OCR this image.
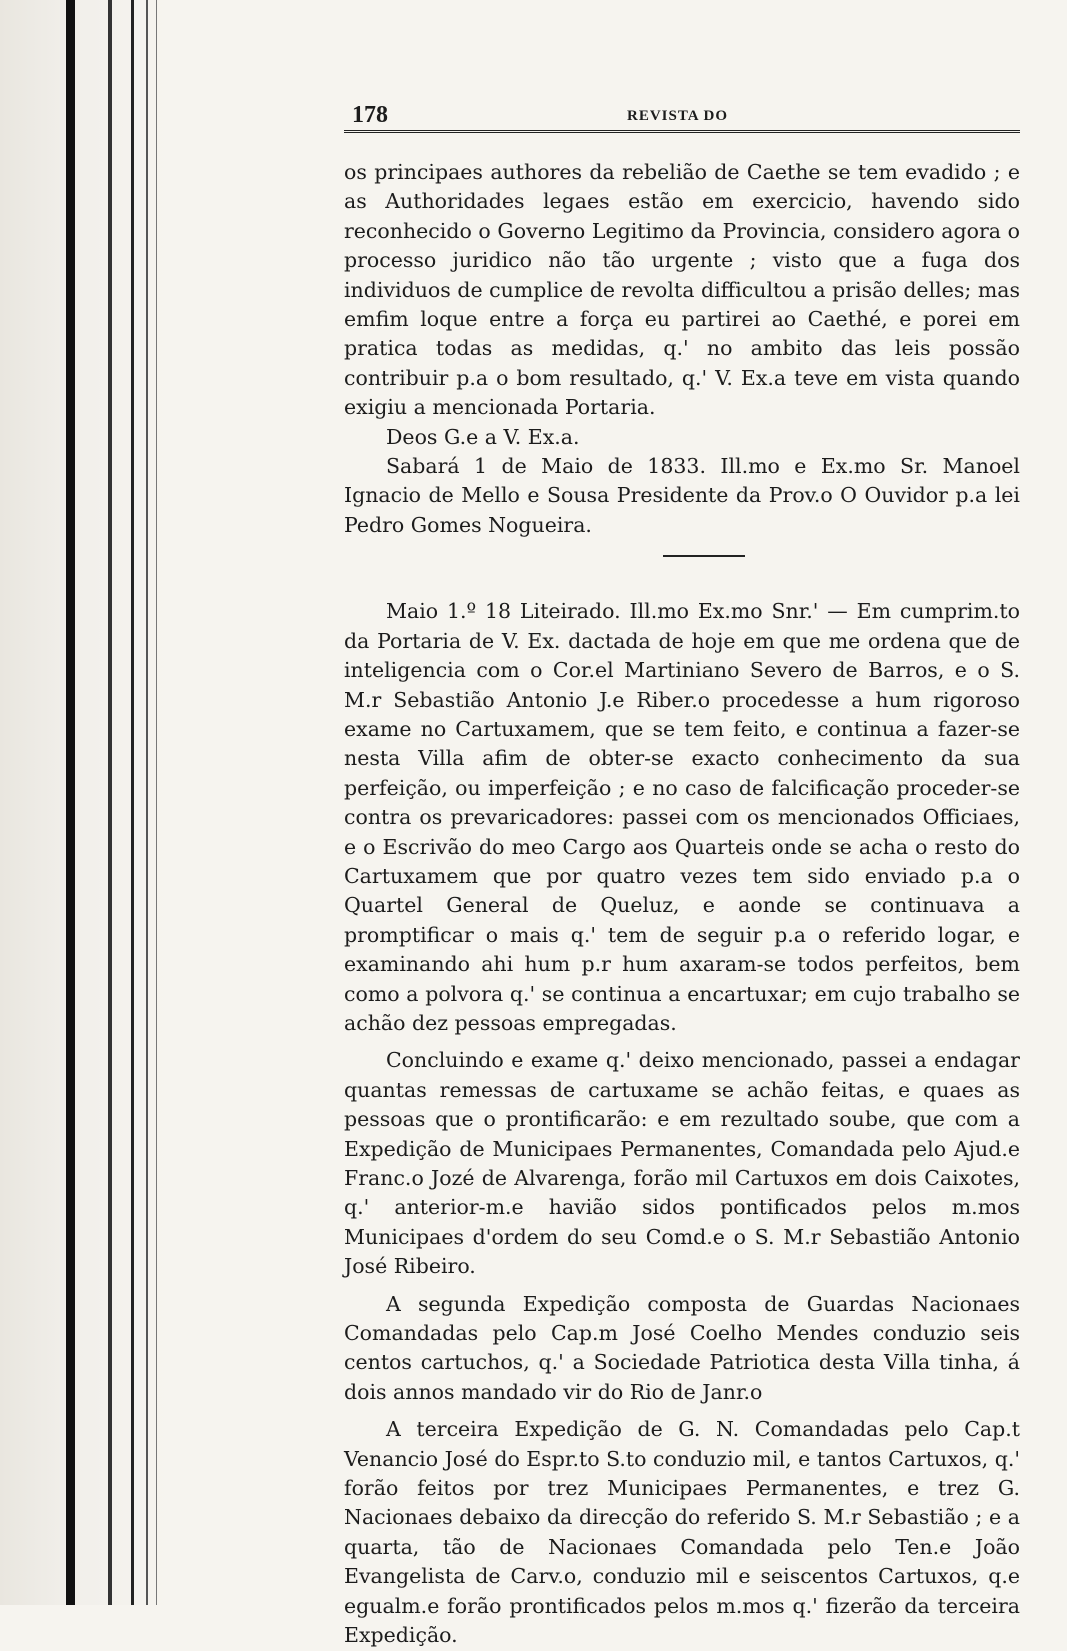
178	REVISTA DO

os principaes authores da rebelião de Caethe se tem evadido ; e as Authoridades legaes estão em exercicio, havendo sido reconhecido o Governo Legitimo da Provincia, considero agora o processo juridico não tão urgente ; visto que a fuga dos individuos de cumplice de revolta difficultou a prisão delles; mas emfim loque entre a força eu partirei ao Caethé, e porei em pratica todas as medidas, q.' no ambito das leis possão contribuir p.a o bom resultado, q.' V. Ex.a teve em vista quando exigiu a mencionada Portaria.

Deos G.e a V. Ex.a.

Sabará 1 de Maio de 1833. Ill.mo e Ex.mo Sr. Manoel Ignacio de Mello e Sousa Presidente da Prov.o O Ouvidor p.a lei Pedro Gomes Nogueira.

Maio 1.º 18 Liteirado. Ill.mo Ex.mo Snr.' — Em cumprim.to da Portaria de V. Ex. dactada de hoje em que me ordena que de inteligencia com o Cor.el Martiniano Severo de Barros, e o S. M.r Sebastião Antonio J.e Riber.o procedesse a hum rigoroso exame no Cartuxamem, que se tem feito, e continua a fazer-se nesta Villa afim de obter-se exacto conhecimento da sua perfeição, ou imperfeição ; e no caso de falcificação proceder-se contra os prevaricadores: passei com os mencionados Officiaes, e o Escrivão do meo Cargo aos Quarteis onde se acha o resto do Cartuxamem que por quatro vezes tem sido enviado p.a o Quartel General de Queluz, e aonde se continuava a promptificar o mais q.' tem de seguir p.a o referido logar, e examinando ahi hum p.r hum axaram-se todos perfeitos, bem como a polvora q.' se continua a encartuxar; em cujo trabalho se achão dez pessoas empregadas.

Concluindo e exame q.' deixo mencionado, passei a endagar quantas remessas de cartuxame se achão feitas, e quaes as pessoas que o prontificarão: e em rezultado soube, que com a Expedição de Municipaes Permanentes, Comandada pelo Ajud.e Franc.o Jozé de Alvarenga, forão mil Cartuxos em dois Caixotes, q.' anterior-m.e havião sidos pontificados pelos m.mos Municipaes d'ordem do seu Comd.e o S. M.r Sebastião Antonio José Ribeiro.

A segunda Expedição composta de Guardas Nacionaes Comandadas pelo Cap.m José Coelho Mendes conduzio seis centos cartuchos, q.' a Sociedade Patriotica desta Villa tinha, á dois annos mandado vir do Rio de Janr.o

A terceira Expedição de G. N. Comandadas pelo Cap.t Venancio José do Espr.to S.to conduzio mil, e tantos Cartuxos, q.' forão feitos por trez Municipaes Permanentes, e trez G. Nacionaes debaixo da direcção do referido S. M.r Sebastião ; e a quarta, tão de Nacionaes Comandada pelo Ten.e João Evangelista de Carv.o, conduzio mil e seiscentos Cartuxos, q.e egualm.e forão prontificados pelos m.mos q.' fizerão da terceira Expedição.
